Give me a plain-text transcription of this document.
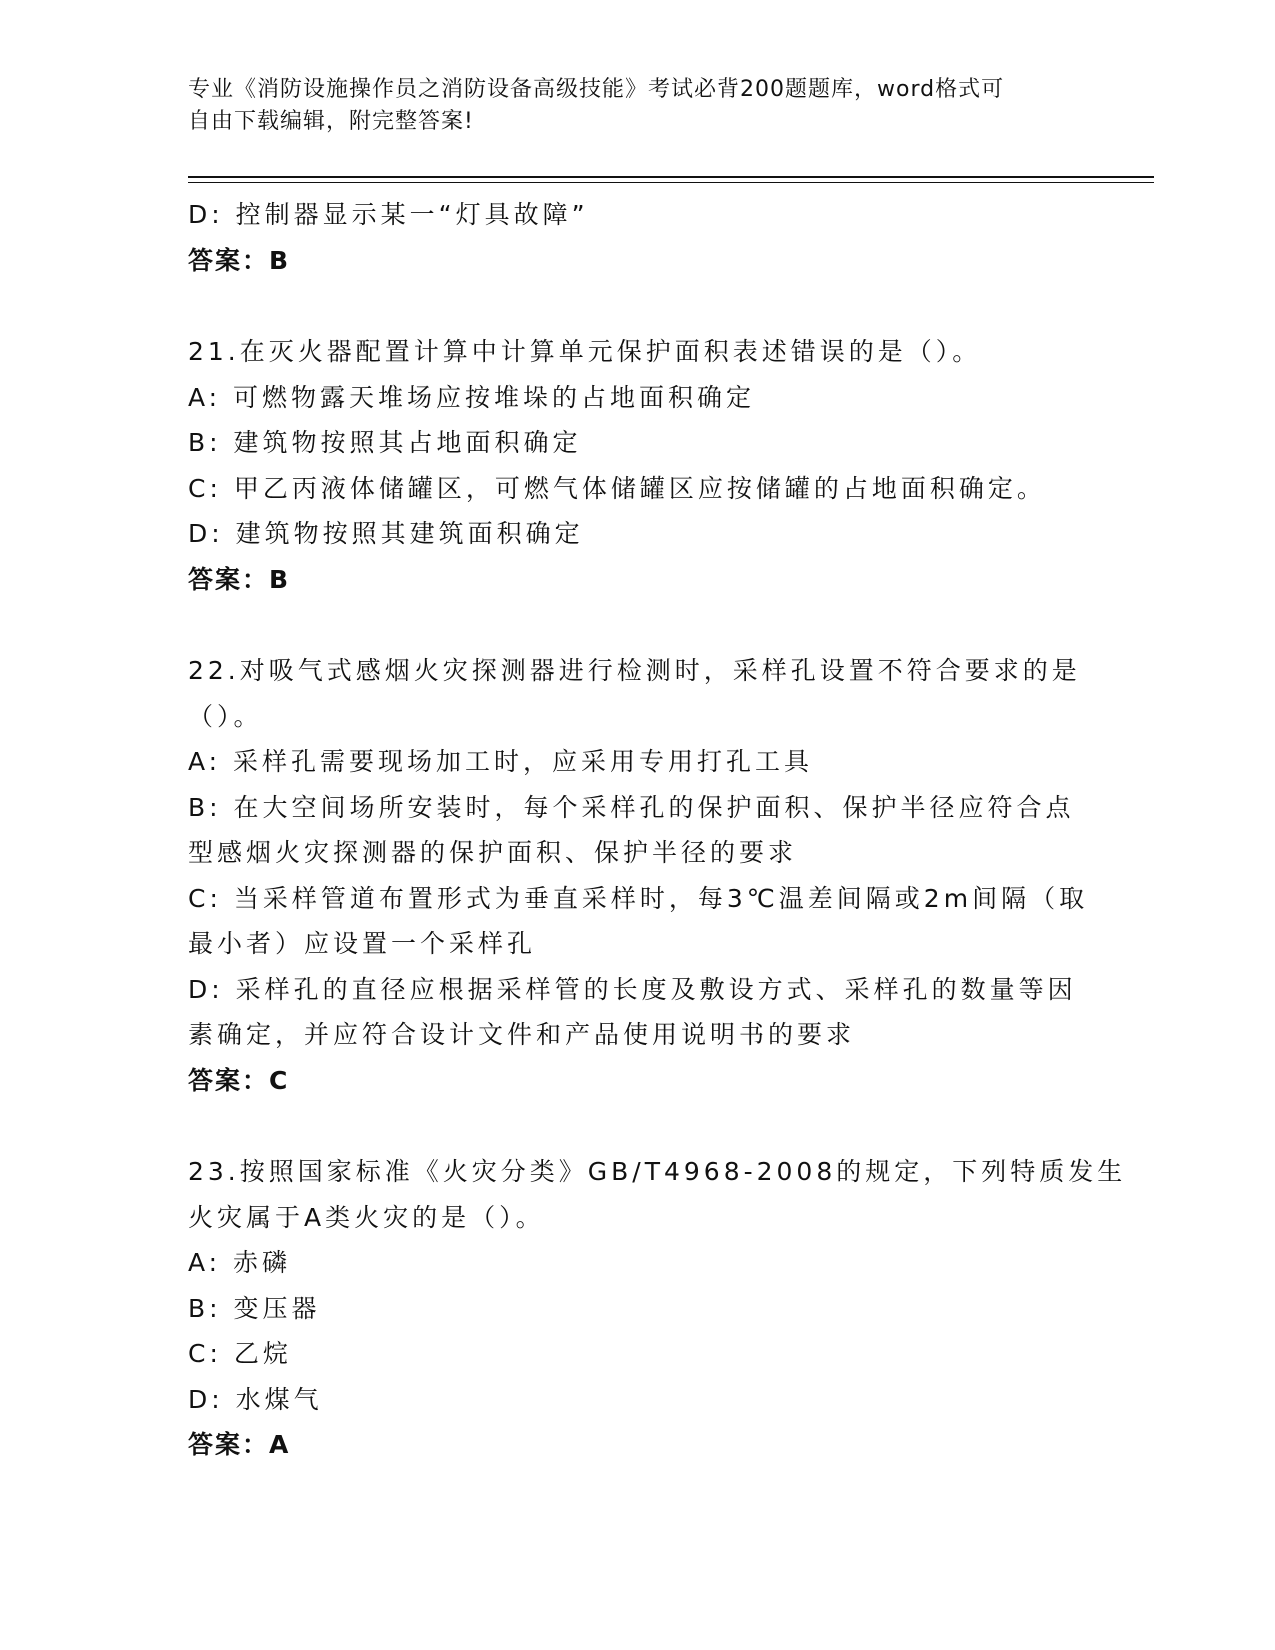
专业《消防设施操作员之消防设备高级技能》考试必背200题题库，word格式可
自由下载编辑，附完整答案!
D: 控制器显示某一“灯具故障”
答案：B
21.在灭火器配置计算中计算单元保护面积表述错误的是（）。
A: 可燃物露天堆场应按堆垛的占地面积确定
B: 建筑物按照其占地面积确定
C: 甲乙丙液体储罐区，可燃气体储罐区应按储罐的占地面积确定。
D: 建筑物按照其建筑面积确定
答案：B
22.对吸气式感烟火灾探测器进行检测时，采样孔设置不符合要求的是
（）。
A: 采样孔需要现场加工时，应采用专用打孔工具
B: 在大空间场所安装时，每个采样孔的保护面积、保护半径应符合点
型感烟火灾探测器的保护面积、保护半径的要求
C: 当采样管道布置形式为垂直采样时，每3℃温差间隔或2m间隔（取
最小者）应设置一个采样孔
D: 采样孔的直径应根据采样管的长度及敷设方式、采样孔的数量等因
素确定，并应符合设计文件和产品使用说明书的要求
答案：C
23.按照国家标准《火灾分类》GB/T4968-2008的规定，下列特质发生
火灾属于A类火灾的是（）。
A: 赤磷
B: 变压器
C: 乙烷
D: 水煤气
答案：A
